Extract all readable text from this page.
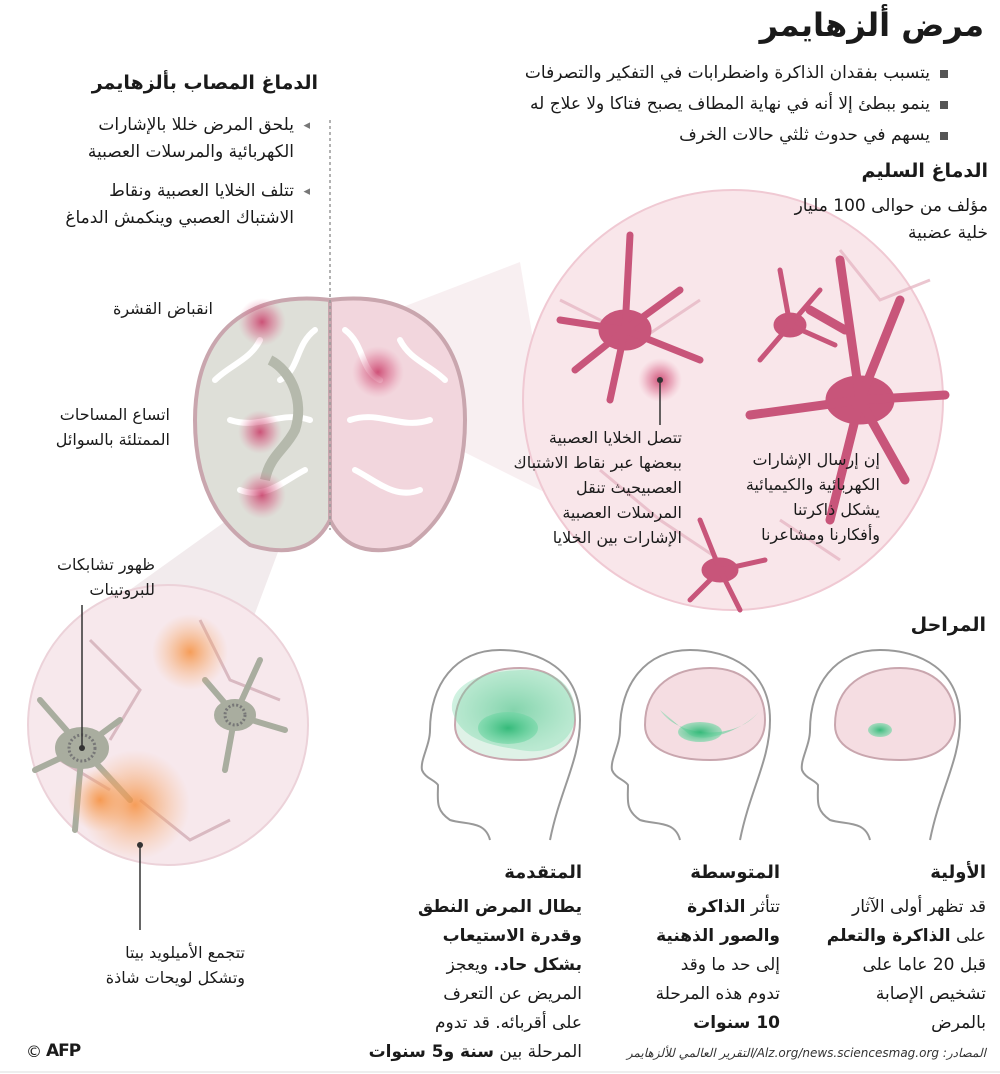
مرض ألزهايمر
يتسبب بفقدان الذاكرة واضطرابات في التفكير والتصرفات
ينمو ببطئ إلا أنه في نهاية المطاف يصبح فتاكا ولا علاج له
يسهم في حدوث ثلثي حالات الخرف
الدماغ السليم
مؤلف من حوالى 100 مليار
خلية عضبية
تتصل الخلايا العصبية
ببعضها عبر نقاط الاشتباك
العصبيحيث تنقل
المرسلات العصبية
الإشارات بين الخلايا
إن إرسال الإشارات
الكهربائية والكيميائية
يشكل ذاكرتنا
وأفكارنا ومشاعرنا
الدماغ المصاب بألزهايمر
◂ يلحق المرض خللا بالإشارات
الكهربائية والمرسلات العصبية
◂ تتلف الخلايا العصبية ونقاط
الاشتباك العصبي وينكمش الدماغ
انقباض القشرة
اتساع المساحات
الممتلئة بالسوائل
ظهور تشابكات
للبروتينات
تتجمع الأميلويد بيتا
وتشكل لويحات شاذة
المراحل
الأولية
قد تظهر أولى الآثار
على الذاكرة والتعلم
قبل 20 عاما على
تشخيص الإصابة
بالمرض
المتوسطة
تتأثر الذاكرة
والصور الذهنية
إلى حد ما وقد
تدوم هذه المرحلة
10 سنوات
المتقدمة
يطال المرض النطق
وقدرة الاستيعاب
بشكل حاد. ويعجز
المريض عن التعرف
على أقربائه. قد تدوم
المرحلة بين سنة و5 سنوات	المصادر: Alz.org/news.sciencesmag.org/التقرير العالمي للألزهايمر
© AFP
